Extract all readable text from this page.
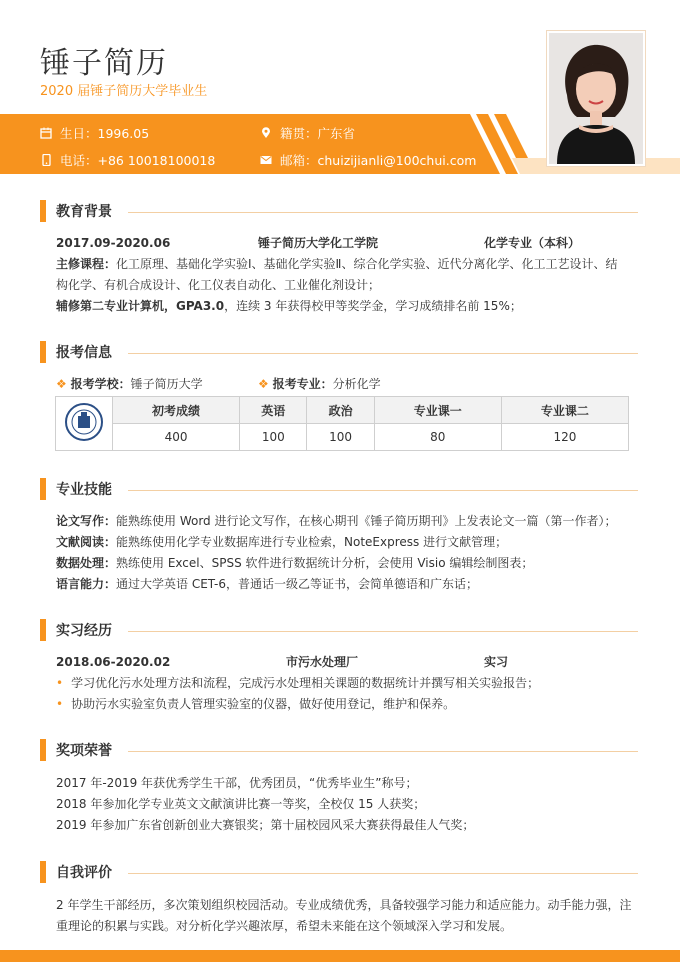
锤子简历
2020 届锤子简历大学毕业生
生日：1996.05	籍贯：广东省
电话：+86 10018100018	邮箱：chuizijianli@100chui.com
教育背景
2017.09-2020.06	锤子简历大学化工学院	化学专业（本科）
主修课程：化工原理、基础化学实验Ⅰ、基础化学实验Ⅱ、综合化学实验、近代分离化学、化工工艺设计、结
构化学、有机合成设计、化工仪表自动化、工业催化剂设计；
辅修第二专业计算机，GPA3.0，连续 3 年获得校甲等奖学金，学习成绩排名前 15%；
报考信息
❖ 报考学校：锤子简历大学	❖ 报考专业：分析化学
	初考成绩	英语	政治	专业课一	专业课二
	400	100	100	80	120
专业技能
论文写作：能熟练使用 Word 进行论文写作，在核心期刊《锤子简历期刊》上发表论文一篇（第一作者）；
文献阅读：能熟练使用化学专业数据库进行专业检索，NoteExpress 进行文献管理；
数据处理：熟练使用 Excel、SPSS 软件进行数据统计分析，会使用 Visio 编辑绘制图表；
语言能力：通过大学英语 CET-6，普通话一级乙等证书，会简单德语和广东话；
实习经历
2018.06-2020.02	市污水处理厂	实习
• 学习优化污水处理方法和流程，完成污水处理相关课题的数据统计并撰写相关实验报告；
• 协助污水实验室负责人管理实验室的仪器，做好使用登记，维护和保养。
奖项荣誉
2017 年-2019 年获优秀学生干部，优秀团员，“优秀毕业生”称号；
2018 年参加化学专业英文文献演讲比赛一等奖，全校仅 15 人获奖；
2019 年参加广东省创新创业大赛银奖；第十届校园风采大赛获得最佳人气奖；
自我评价
2 年学生干部经历，多次策划组织校园活动。专业成绩优秀，具备较强学习能力和适应能力。动手能力强，注
重理论的积累与实践。对分析化学兴趣浓厚，希望未来能在这个领域深入学习和发展。
